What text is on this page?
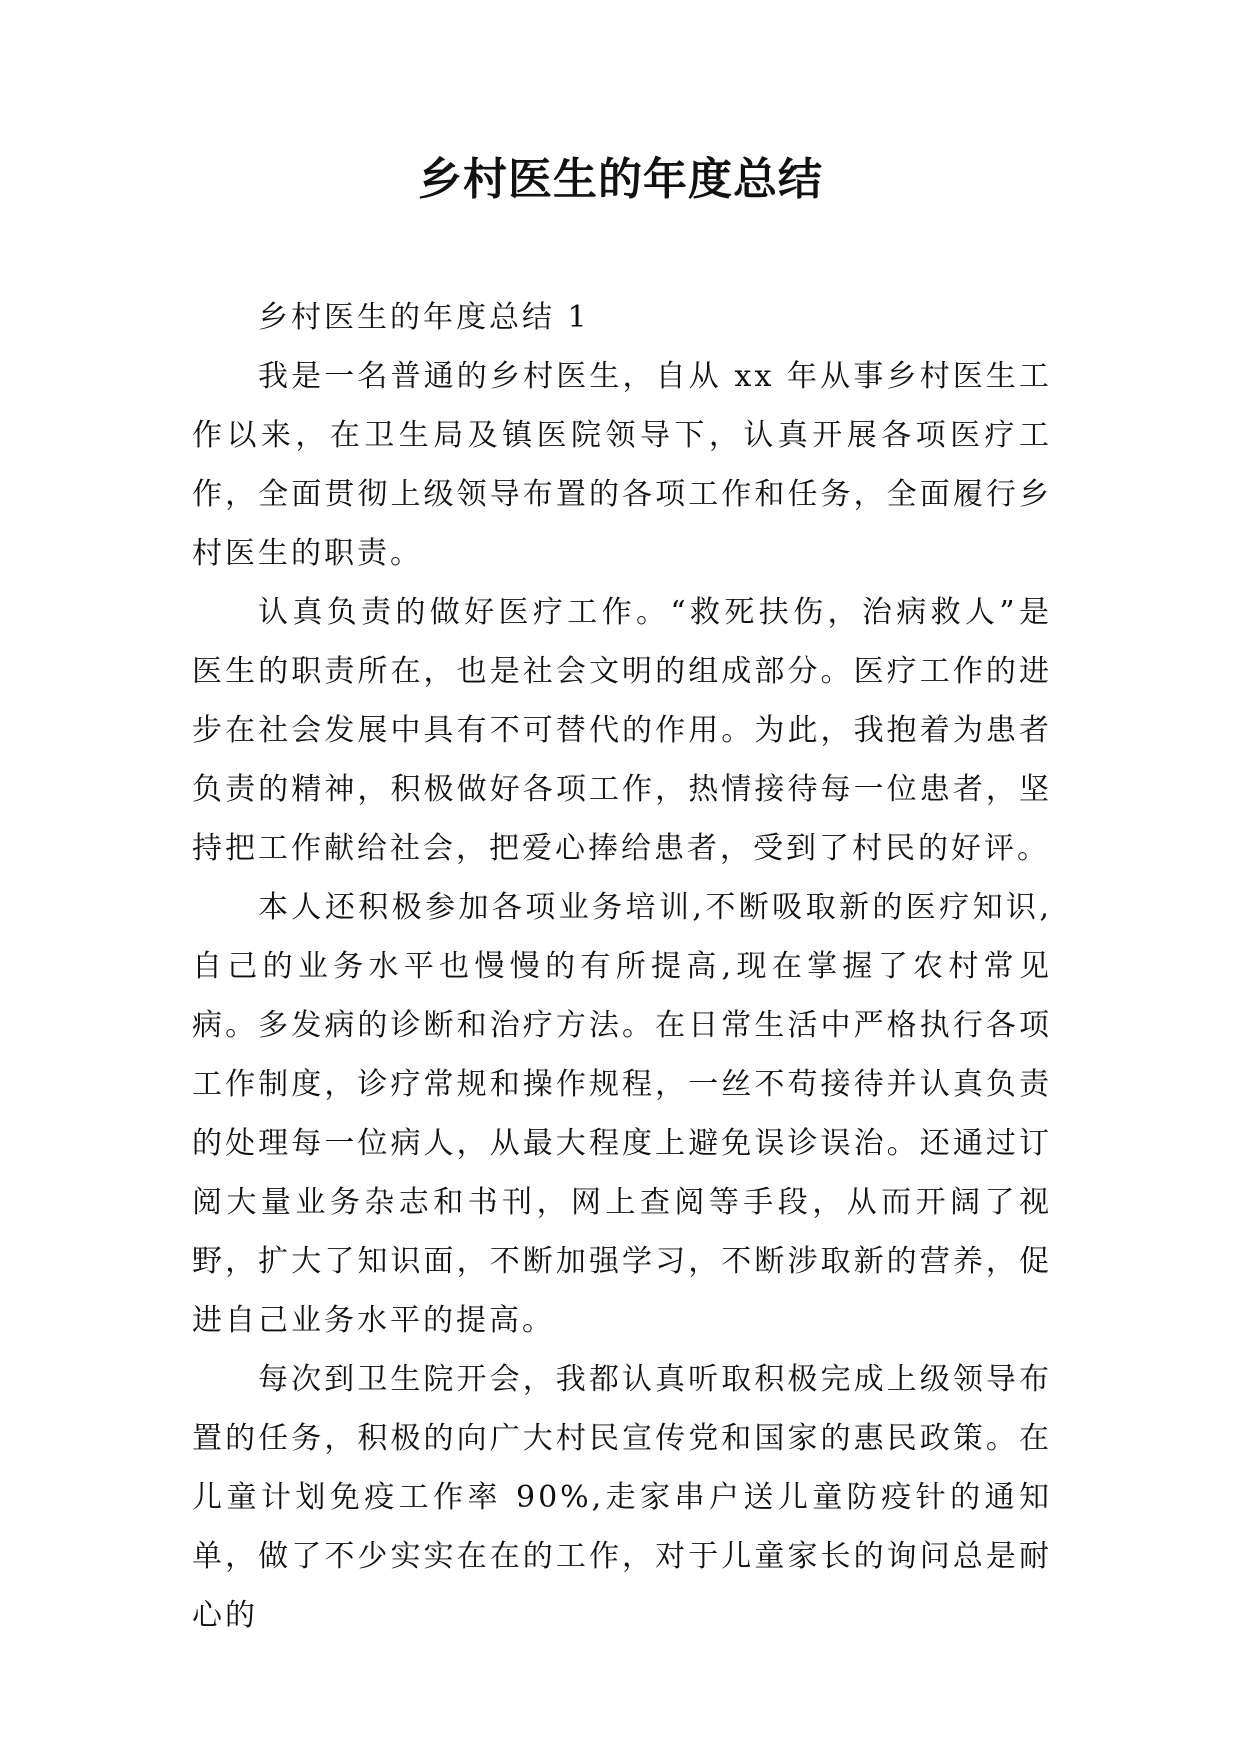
乡村医生的年度总结

乡村医生的年度总结 1

我是一名普通的乡村医生，自从 xx 年从事乡村医生工作以来，在卫生局及镇医院领导下，认真开展各项医疗工作，全面贯彻上级领导布置的各项工作和任务，全面履行乡村医生的职责。

认真负责的做好医疗工作。“救死扶伤，治病救人”是医生的职责所在，也是社会文明的组成部分。医疗工作的进步在社会发展中具有不可替代的作用。为此，我抱着为患者负责的精神，积极做好各项工作，热情接待每一位患者，坚持把工作献给社会，把爱心捧给患者，受到了村民的好评。

本人还积极参加各项业务培训,不断吸取新的医疗知识,自己的业务水平也慢慢的有所提高,现在掌握了农村常见病。多发病的诊断和治疗方法。在日常生活中严格执行各项工作制度，诊疗常规和操作规程，一丝不苟接待并认真负责的处理每一位病人，从最大程度上避免误诊误治。还通过订阅大量业务杂志和书刊，网上查阅等手段，从而开阔了视野，扩大了知识面，不断加强学习，不断涉取新的营养，促进自己业务水平的提高。

每次到卫生院开会，我都认真听取积极完成上级领导布置的任务，积极的向广大村民宣传党和国家的惠民政策。在儿童计划免疫工作率 90%,走家串户送儿童防疫针的通知单，做了不少实实在在的工作，对于儿童家长的询问总是耐心的
